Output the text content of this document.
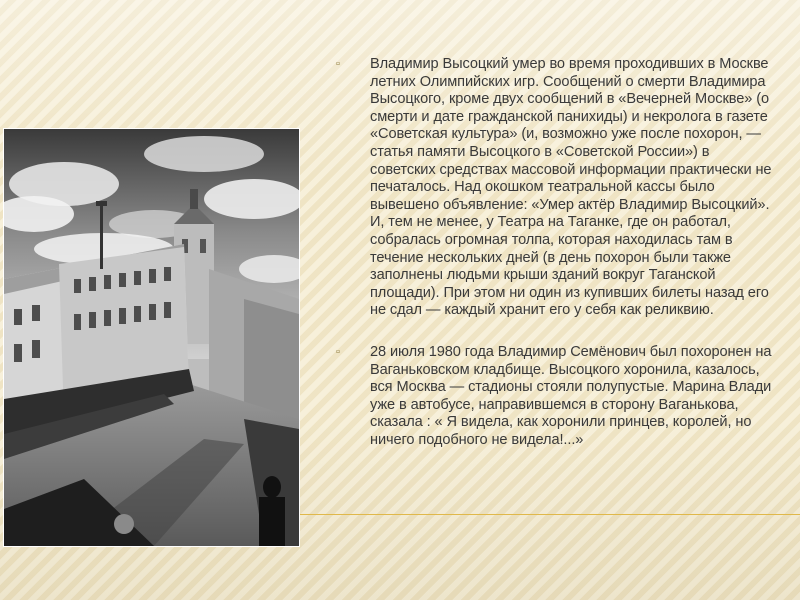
▫ Владимир Высоцкий умер во время проходивших в Москве летних Олимпийских игр. Сообщений о смерти Владимира Высоцкого, кроме двух сообщений в «Вечерней Москве» (о смерти и дате гражданской панихиды) и некролога в газете «Советская культура» (и, возможно уже после похорон, — статья памяти Высоцкого в «Советской России») в советских средствах массовой информации практически не печаталось. Над окошком театральной кассы было вывешено объявление: «Умер актёр Владимир Высоцкий». И, тем не менее, у Театра на Таганке, где он работал, собралась огромная толпа, которая находилась там в течение нескольких дней (в день похорон были также заполнены людьми крыши зданий вокруг Таганской площади). При этом ни один из купивших билеты назад его не сдал — каждый хранит его у себя как реликвию.
▫ 28 июля 1980 года Владимир Семёнович был похоронен на Ваганьковском кладбище. Высоцкого хоронила, казалось, вся Москва — стадионы стояли полупустые. Марина Влади уже в автобусе, направившемся в сторону Ваганькова, сказала : « Я видела, как хоронили принцев, королей, но ничего подобного не видела!...»
